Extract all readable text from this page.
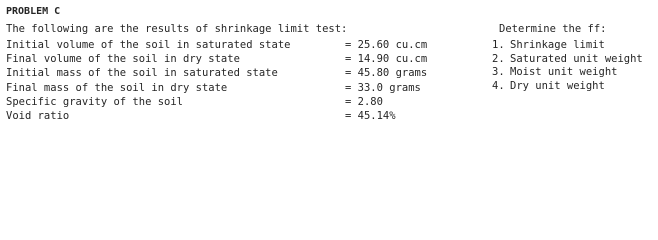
PROBLEM C
The following are the results of shrinkage limit test:
Initial volume of the soil in saturated state	= 25.60 cu.cm
Final volume of the soil in dry state	= 14.90 cu.cm
Initial mass of the soil in saturated state	= 45.80 grams
Final mass of the soil in dry state	= 33.0 grams
Specific gravity of the soil	= 2.80
Void ratio	= 45.14%
Determine the ff:
1. Shrinkage limit
2. Saturated unit weight
3. Moist unit weight
4. Dry unit weight
